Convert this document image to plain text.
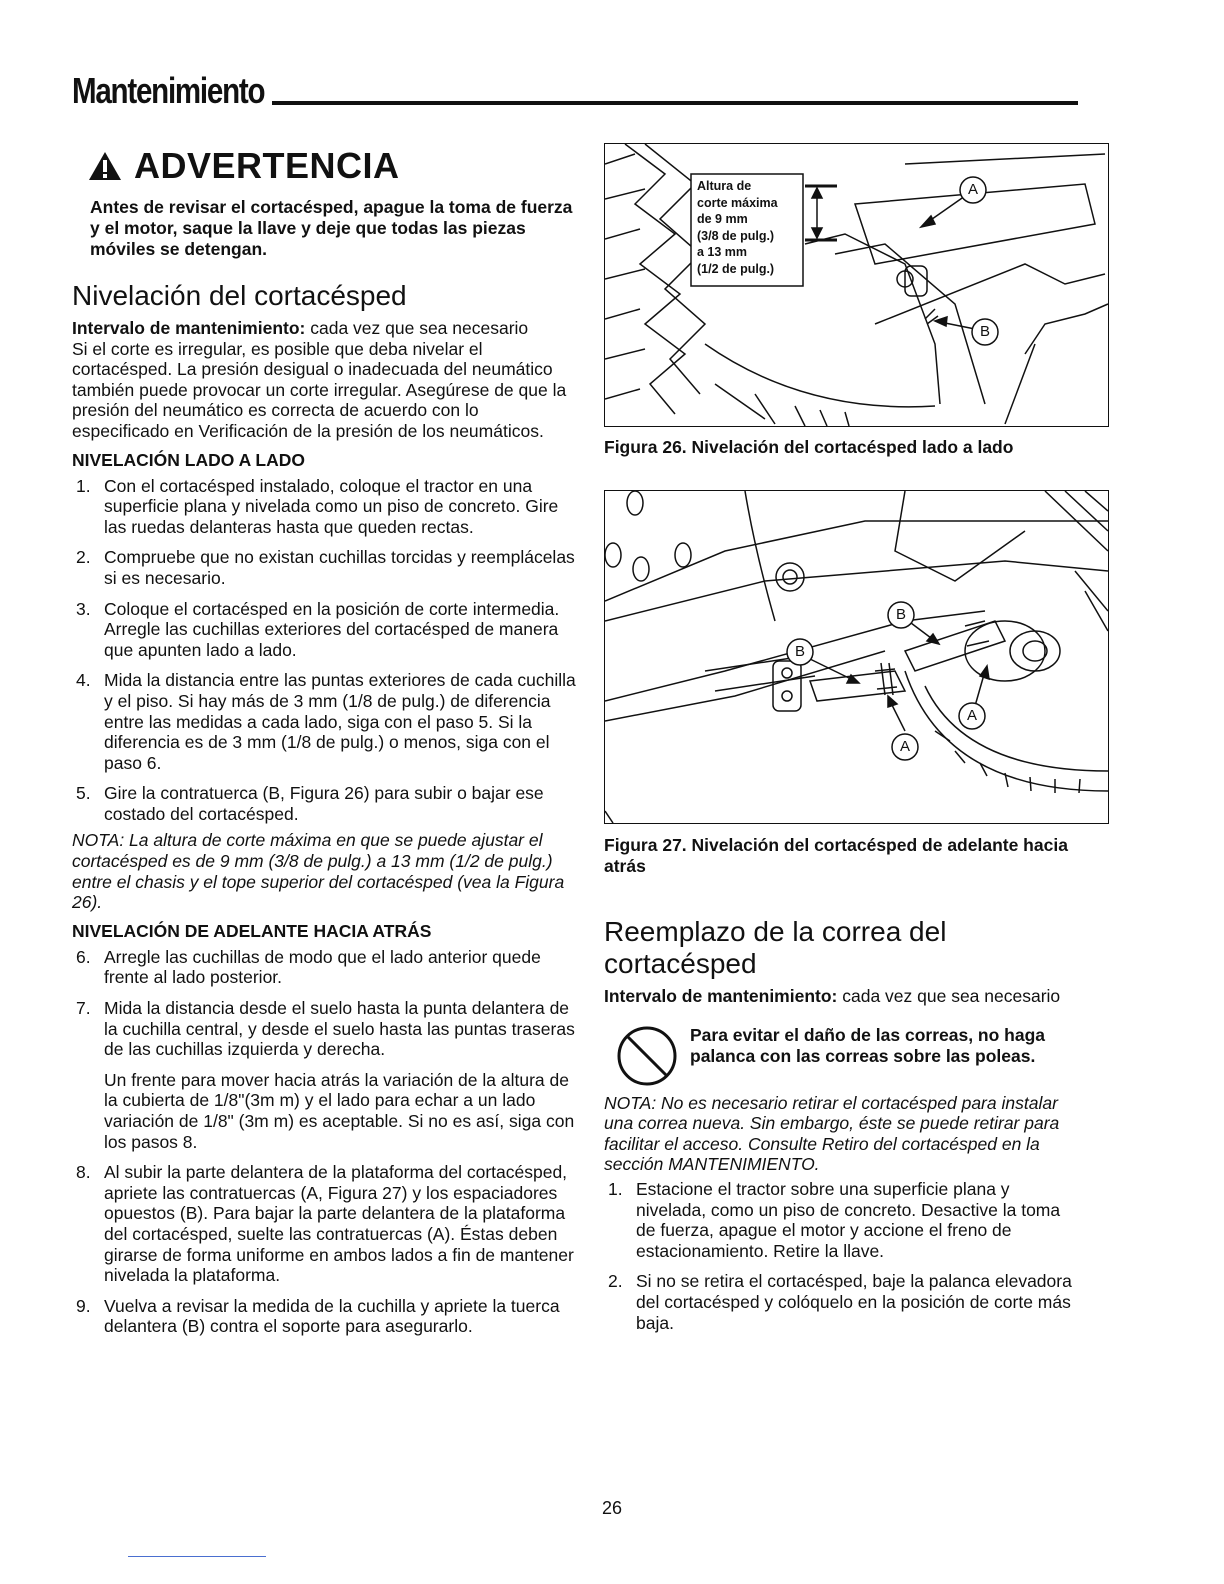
Mantenimiento
ADVERTENCIA
Antes de revisar el cortacésped, apague la toma de fuerza y el motor, saque la llave y deje que todas las piezas móviles se detengan.
Nivelación del cortacésped

Intervalo de mantenimiento: cada vez que sea necesario

Si el corte es irregular, es posible que deba nivelar el cortacésped. La presión desigual o inadecuada del neumático también puede provocar un corte irregular. Asegúrese de que la presión del neumático es correcta de acuerdo con lo especificado en Verificación de la presión de los neumáticos.

NIVELACIÓN LADO A LADO
1. Con el cortacésped instalado, coloque el tractor en una superficie plana y nivelada como un piso de concreto. Gire las ruedas delanteras hasta que queden rectas.
2. Compruebe que no existan cuchillas torcidas y reemplácelas si es necesario.
3. Coloque el cortacésped en la posición de corte intermedia. Arregle las cuchillas exteriores del cortacésped de manera que apunten lado a lado.
4. Mida la distancia entre las puntas exteriores de cada cuchilla y el piso. Si hay más de 3 mm (1/8 de pulg.) de diferencia entre las medidas a cada lado, siga con el paso 5. Si la diferencia es de 3 mm (1/8 de pulg.) o menos, siga con el paso 6.
5. Gire la contratuerca (B, Figura 26) para subir o bajar ese costado del cortacésped.
NOTA: La altura de corte máxima en que se puede ajustar el cortacésped es de 9 mm (3/8 de pulg.) a 13 mm (1/2 de pulg.) entre el chasis y el tope superior del cortacésped (vea la Figura 26).
NIVELACIÓN DE ADELANTE HACIA ATRÁS
6. Arregle las cuchillas de modo que el lado anterior quede frente al lado posterior.
7. Mida la distancia desde el suelo hasta la punta delantera de la cuchilla central, y desde el suelo hasta las puntas traseras de las cuchillas izquierda y derecha.

Un frente para mover hacia atrás la variación de la altura de la cubierta de 1/8"(3m m) y el lado para echar a un lado variación de 1/8" (3m m) es aceptable. Si no es así, siga con los pasos 8.

8. Al subir la parte delantera de la plataforma del cortacésped, apriete las contratuercas (A, Figura 27) y los espaciadores opuestos (B). Para bajar la parte delantera de la plataforma del cortacésped, suelte las contratuercas (A). Éstas deben girarse de forma uniforme en ambos lados a fin de mantener nivelada la plataforma.
9. Vuelva a revisar la medida de la cuchilla y apriete la tuerca delantera (B) contra el soporte para asegurarlo.
Altura de
corte máxima
de 9 mm
(3/8 de pulg.)
a 13 mm
(1/2 de pulg.)
A
B
Figura 26. Nivelación del cortacésped lado a lado
B
B
A
A
Figura 27. Nivelación del cortacésped de adelante hacia atrás
Reemplazo de la correa del cortacésped

Intervalo de mantenimiento: cada vez que sea necesario

Para evitar el daño de las correas, no haga palanca con las correas sobre las poleas.
NOTA: No es necesario retirar el cortacésped para instalar una correa nueva. Sin embargo, éste se puede retirar para facilitar el acceso. Consulte Retiro del cortacésped en la sección MANTENIMIENTO.
1. Estacione el tractor sobre una superficie plana y nivelada, como un piso de concreto. Desactive la toma de fuerza, apague el motor y accione el freno de estacionamiento. Retire la llave.
2. Si no se retira el cortacésped, baje la palanca elevadora del cortacésped y colóquelo en la posición de corte más baja.
26
